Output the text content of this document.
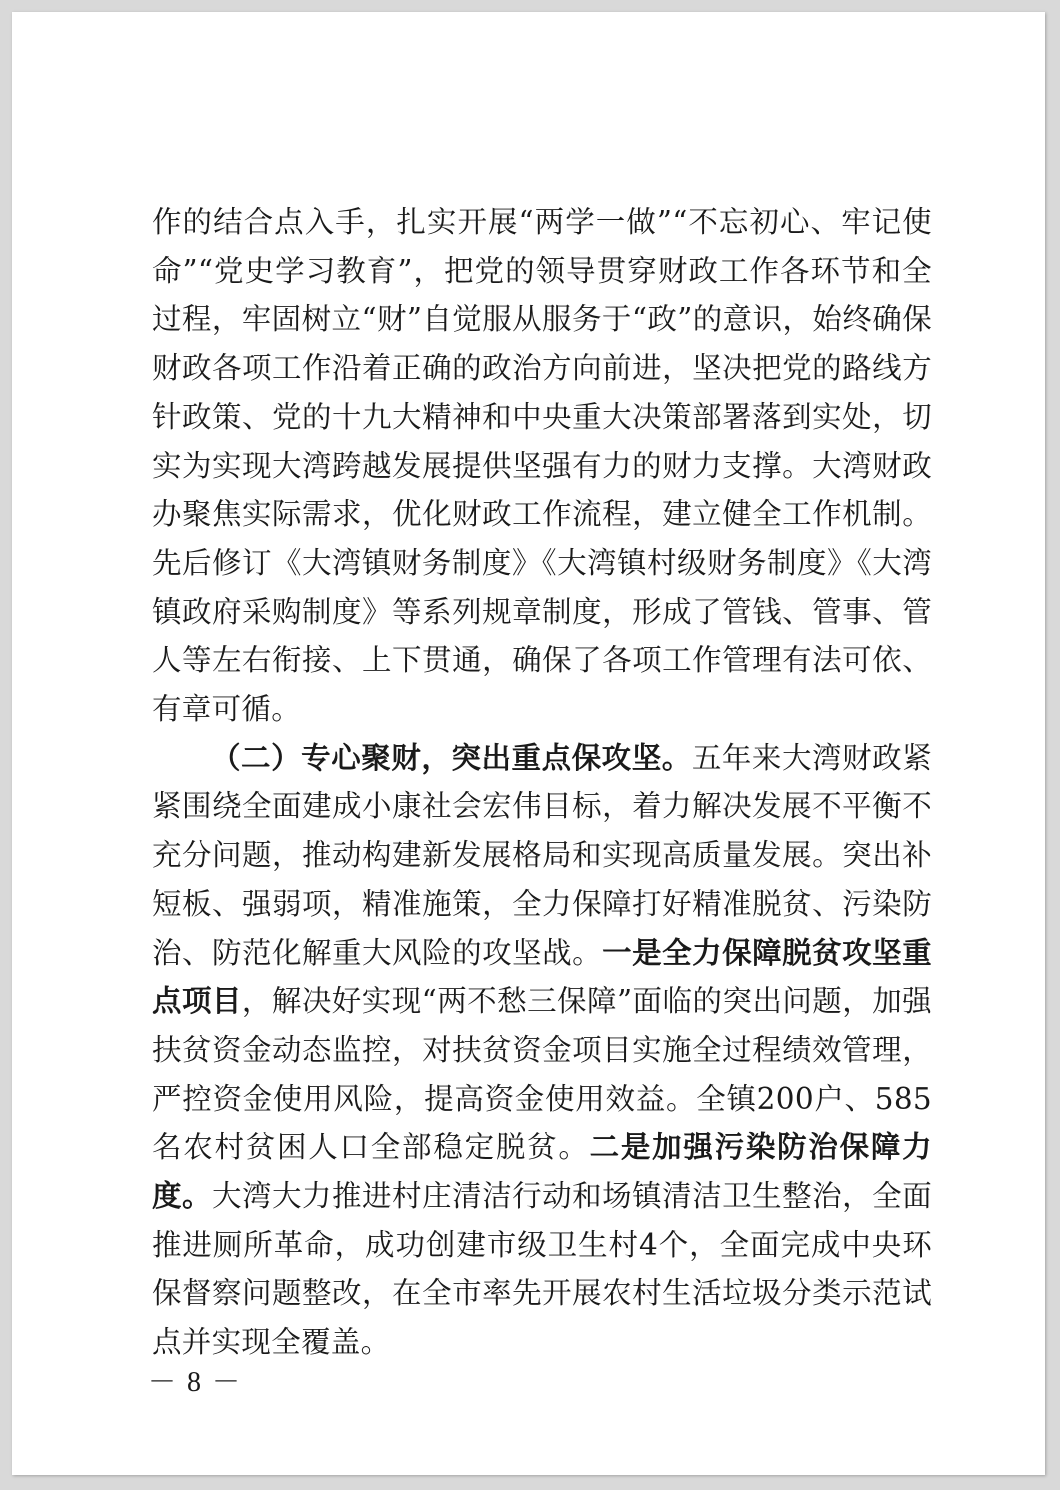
作的结合点入手，扎实开展“两学一做”“不忘初心、牢记使命”“党史学习教育”，把党的领导贯穿财政工作各环节和全过程，牢固树立“财”自觉服从服务于“政”的意识，始终确保财政各项工作沿着正确的政治方向前进，坚决把党的路线方针政策、党的十九大精神和中央重大决策部署落到实处，切实为实现大湾跨越发展提供坚强有力的财力支撑。大湾财政办聚焦实际需求，优化财政工作流程，建立健全工作机制。先后修订《大湾镇财务制度》《大湾镇村级财务制度》《大湾镇政府采购制度》等系列规章制度，形成了管钱、管事、管人等左右衔接、上下贯通，确保了各项工作管理有法可依、有章可循。

（二）专心聚财，突出重点保攻坚。五年来大湾财政紧紧围绕全面建成小康社会宏伟目标，着力解决发展不平衡不充分问题，推动构建新发展格局和实现高质量发展。突出补短板、强弱项，精准施策，全力保障打好精准脱贫、污染防治、防范化解重大风险的攻坚战。一是全力保障脱贫攻坚重点项目，解决好实现“两不愁三保障”面临的突出问题，加强扶贫资金动态监控，对扶贫资金项目实施全过程绩效管理，严控资金使用风险，提高资金使用效益。全镇200户、585名农村贫困人口全部稳定脱贫。二是加强污染防治保障力度。大湾大力推进村庄清洁行动和场镇清洁卫生整治，全面推进厕所革命，成功创建市级卫生村4个，全面完成中央环保督察问题整改，在全市率先开展农村生活垃圾分类示范试点并实现全覆盖。

－ 8 －
